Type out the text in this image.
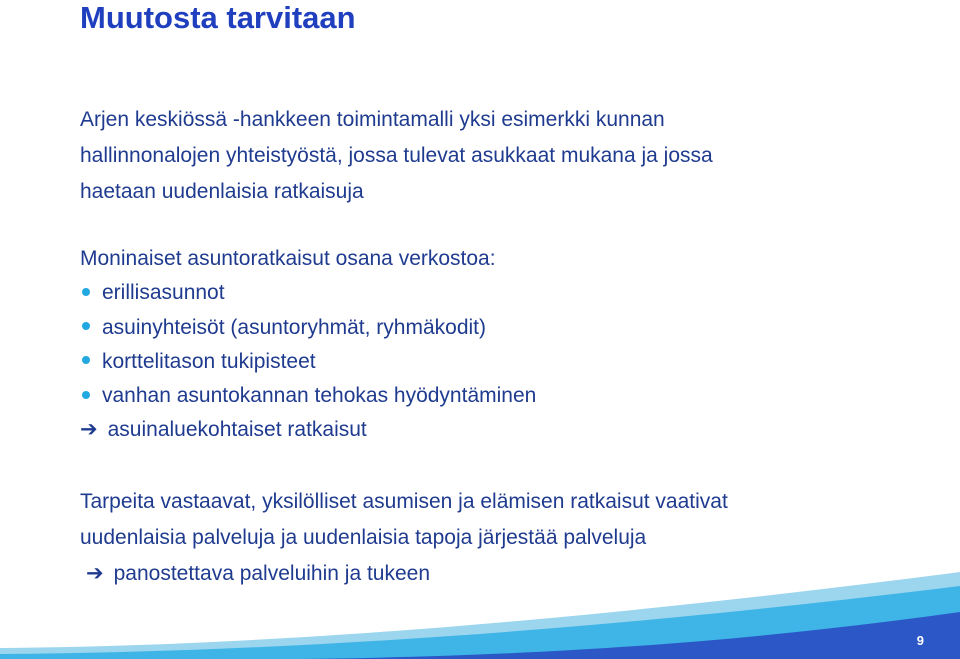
Muutosta tarvitaan
Arjen keskiössä -hankkeen toimintamalli yksi esimerkki kunnan
hallinnonalojen yhteistyöstä, jossa tulevat asukkaat mukana ja jossa
haetaan uudenlaisia ratkaisuja
Moninaiset asuntoratkaisut osana verkostoa:
erillisasunnot
asuinyhteisöt (asuntoryhmät, ryhmäkodit)
korttelitason tukipisteet
vanhan asuntokannan tehokas hyödyntäminen
➔ asuinaluekohtaiset ratkaisut
Tarpeita vastaavat, yksilölliset asumisen ja elämisen ratkaisut vaativat
uudenlaisia palveluja ja uudenlaisia tapoja järjestää palveluja
➔ panostettava palveluihin ja tukeen
9
